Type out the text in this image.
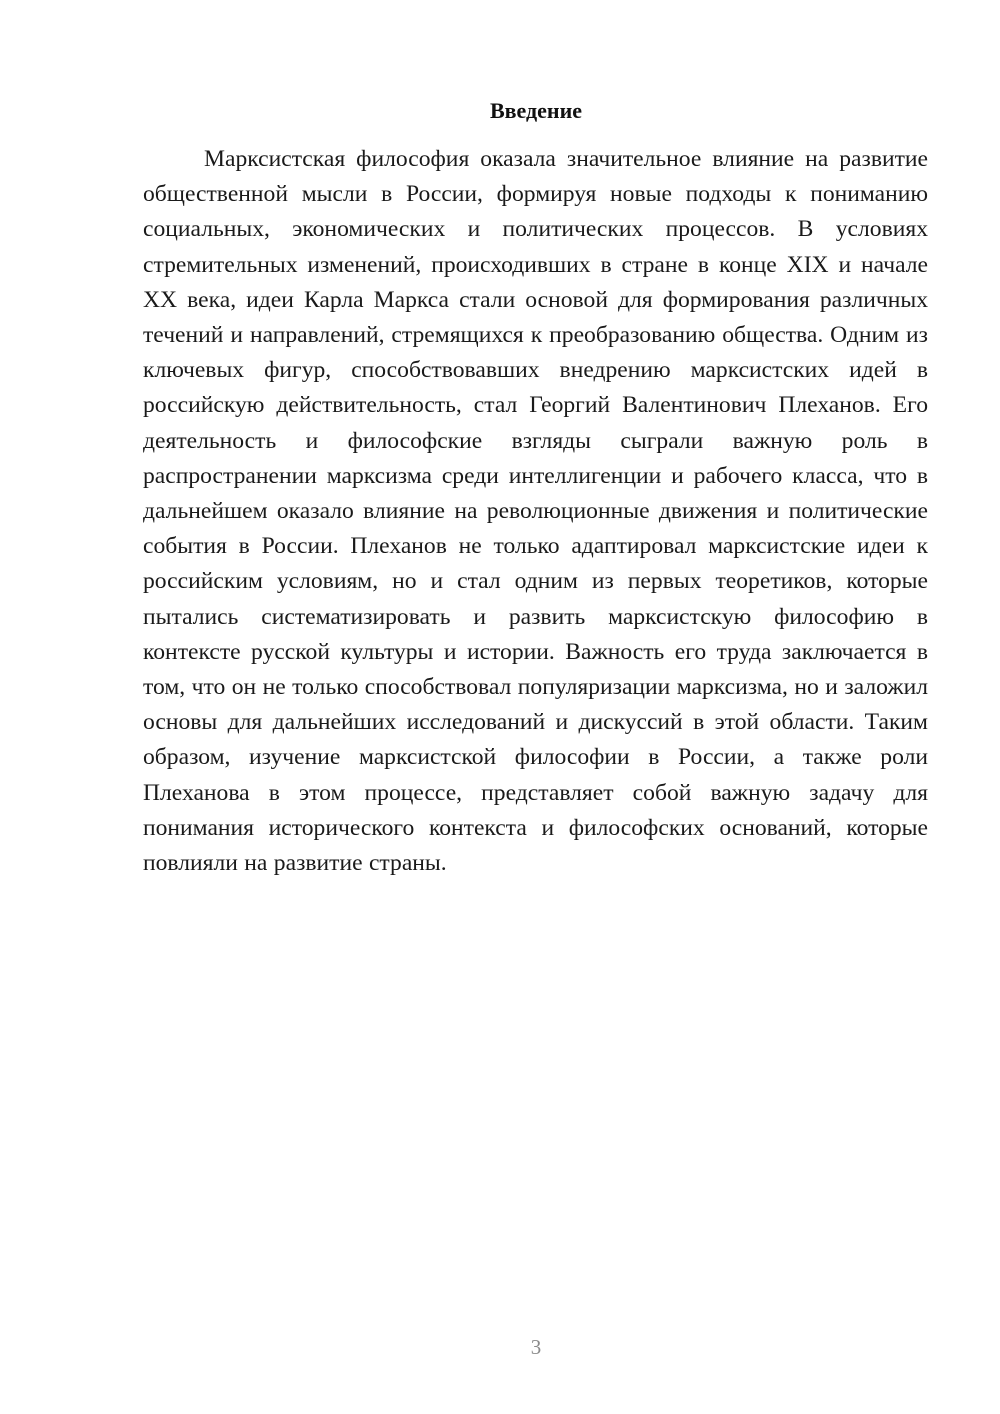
Введение

Марксистская философия оказала значительное влияние на развитие общественной мысли в России, формируя новые подходы к пониманию социальных, экономических и политических процессов. В условиях стремительных изменений, происходивших в стране в конце XIX и начале XX века, идеи Карла Маркса стали основой для формирования различных течений и направлений, стремящихся к преобразованию общества. Одним из ключевых фигур, способствовавших внедрению марксистских идей в российскую действительность, стал Георгий Валентинович Плеханов. Его деятельность и философские взгляды сыграли важную роль в распространении марксизма среди интеллигенции и рабочего класса, что в дальнейшем оказало влияние на революционные движения и политические события в России. Плеханов не только адаптировал марксистские идеи к российским условиям, но и стал одним из первых теоретиков, которые пытались систематизировать и развить марксистскую философию в контексте русской культуры и истории. Важность его труда заключается в том, что он не только способствовал популяризации марксизма, но и заложил основы для дальнейших исследований и дискуссий в этой области. Таким образом, изучение марксистской философии в России, а также роли Плеханова в этом процессе, представляет собой важную задачу для понимания исторического контекста и философских оснований, которые повлияли на развитие страны.

3
